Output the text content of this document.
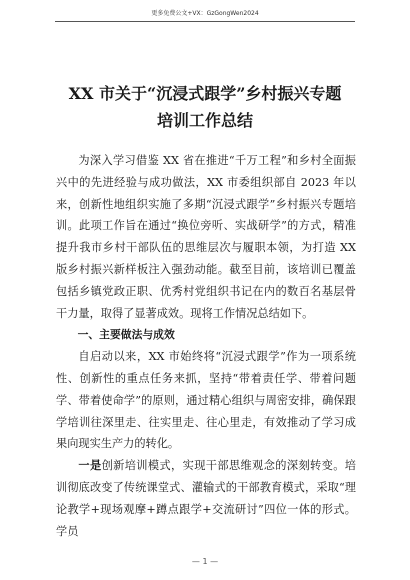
更多免费公文+VX：GzGongWen2024
XX 市关于“沉浸式跟学”乡村振兴专题
培训工作总结

为深入学习借鉴 XX 省在推进“千万工程”和乡村全面振兴中的先进经验与成功做法，XX 市委组织部自 2023 年以来，创新性地组织实施了多期“沉浸式跟学”乡村振兴专题培训。此项工作旨在通过“换位旁听、实战研学”的方式，精准提升我市乡村干部队伍的思维层次与履职本领，为打造 XX 版乡村振兴新样板注入强劲动能。截至目前，该培训已覆盖包括乡镇党政正职、优秀村党组织书记在内的数百名基层骨干力量，取得了显著成效。现将工作情况总结如下。

一、主要做法与成效

自启动以来，XX 市始终将“沉浸式跟学”作为一项系统性、创新性的重点任务来抓，坚持“带着责任学、带着问题学、带着使命学”的原则，通过精心组织与周密安排，确保跟学培训往深里走、往实里走、往心里走，有效推动了学习成果向现实生产力的转化。

一是创新培训模式，实现干部思维观念的深刻转变。培训彻底改变了传统课堂式、灌输式的干部教育模式，采取“理论教学+现场观摩+蹲点跟学+交流研讨”四位一体的形式。学员

— 1 —
